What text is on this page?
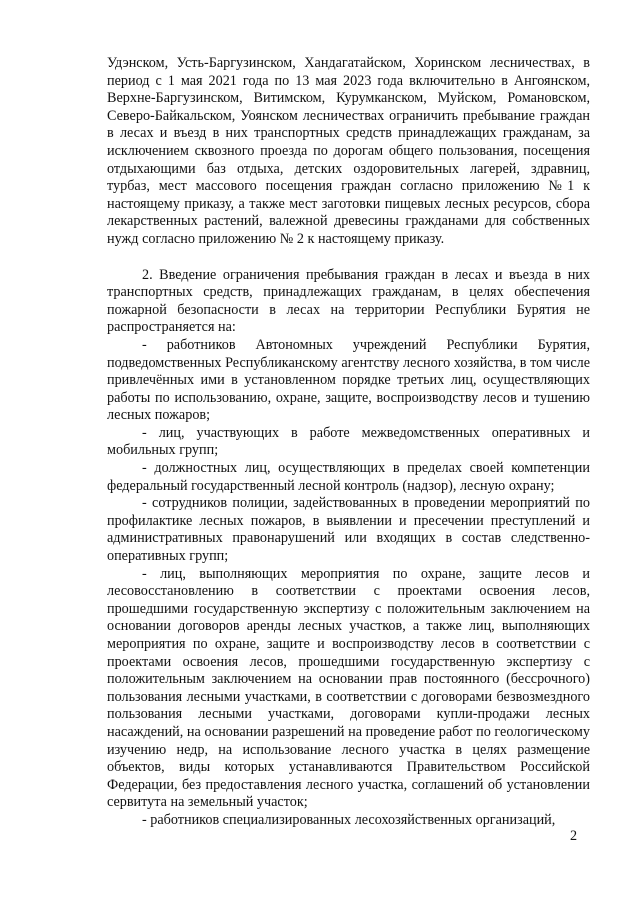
Удэнском, Усть-Баргузинском, Хандагатайском, Хоринском лесничествах, в период с 1 мая 2021 года по 13 мая 2023 года включительно в Ангоянском, Верхне-Баргузинском, Витимском, Курумканском, Муйском, Романовском, Северо-Байкальском, Уоянском лесничествах ограничить пребывание граждан в лесах и въезд в них транспортных средств принадлежащих гражданам, за исключением сквозного проезда по дорогам общего пользования, посещения отдыхающими баз отдыха, детских оздоровительных лагерей, здравниц, турбаз, мест массового посещения граждан согласно приложению №1 к настоящему приказу, а также мест заготовки пищевых лесных ресурсов, сбора лекарственных растений, валежной древесины гражданами для собственных нужд согласно приложению № 2 к настоящему приказу.

2. Введение ограничения пребывания граждан в лесах и въезда в них транспортных средств, принадлежащих гражданам, в целях обеспечения пожарной безопасности в лесах на территории Республики Бурятия не распространяется на:

- работников Автономных учреждений Республики Бурятия, подведомственных Республиканскому агентству лесного хозяйства, в том числе привлечённых ими в установленном порядке третьих лиц, осуществляющих работы по использованию, охране, защите, воспроизводству лесов и тушению лесных пожаров;

- лиц, участвующих в работе межведомственных оперативных и мобильных групп;

- должностных лиц, осуществляющих в пределах своей компетенции федеральный государственный лесной контроль (надзор), лесную охрану;

- сотрудников полиции, задействованных в проведении мероприятий по профилактике лесных пожаров, в выявлении и пресечении преступлений и административных правонарушений или входящих в состав следственно-оперативных групп;

- лиц, выполняющих мероприятия по охране, защите лесов и лесовосстановлению в соответствии с проектами освоения лесов, прошедшими государственную экспертизу с положительным заключением на основании договоров аренды лесных участков, а также лиц, выполняющих мероприятия по охране, защите и воспроизводству лесов в соответствии с проектами освоения лесов, прошедшими государственную экспертизу с положительным заключением на основании прав постоянного (бессрочного) пользования лесными участками, в соответствии с договорами безвозмездного пользования лесными участками, договорами купли-продажи лесных насаждений, на основании разрешений на проведение работ по геологическому изучению недр, на использование лесного участка в целях размещение объектов, виды которых устанавливаются Правительством Российской Федерации, без предоставления лесного участка, соглашений об установлении сервитута на земельный участок;

- работников специализированных лесохозяйственных организаций,

2
